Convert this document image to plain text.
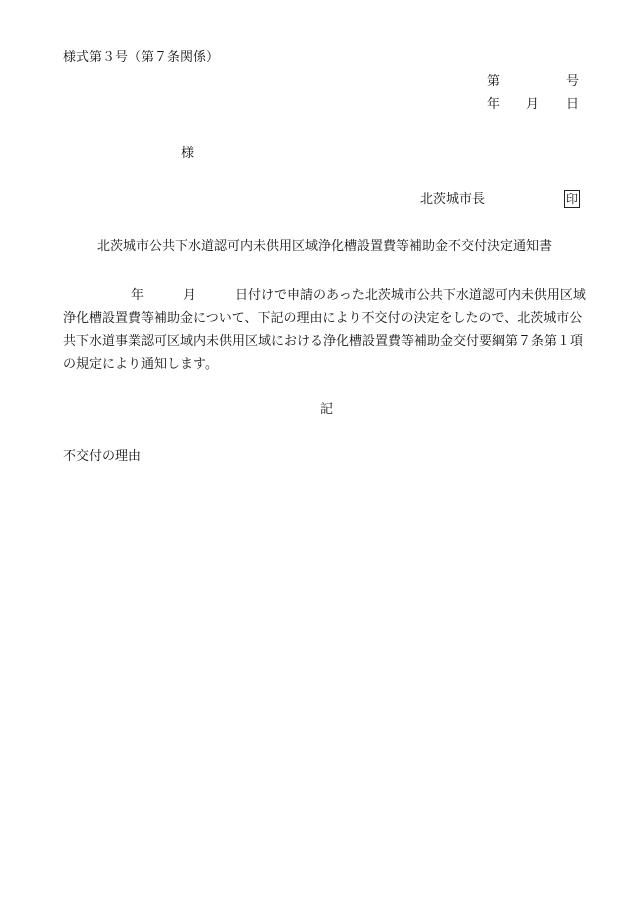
様式第３号（第７条関係）
第	号
年 月 日
様
北茨城市長	印
北茨城市公共下水道認可内未供用区域浄化槽設置費等補助金不交付決定通知書
年	月	日付けで申請のあった北茨城市公共下水道認可内未供用区域
浄化槽設置費等補助金について、下記の理由により不交付の決定をしたので、北茨城市公
共下水道事業認可区域内未供用区域における浄化槽設置費等補助金交付要綱第７条第１項
の規定により通知します。
記
不交付の理由
